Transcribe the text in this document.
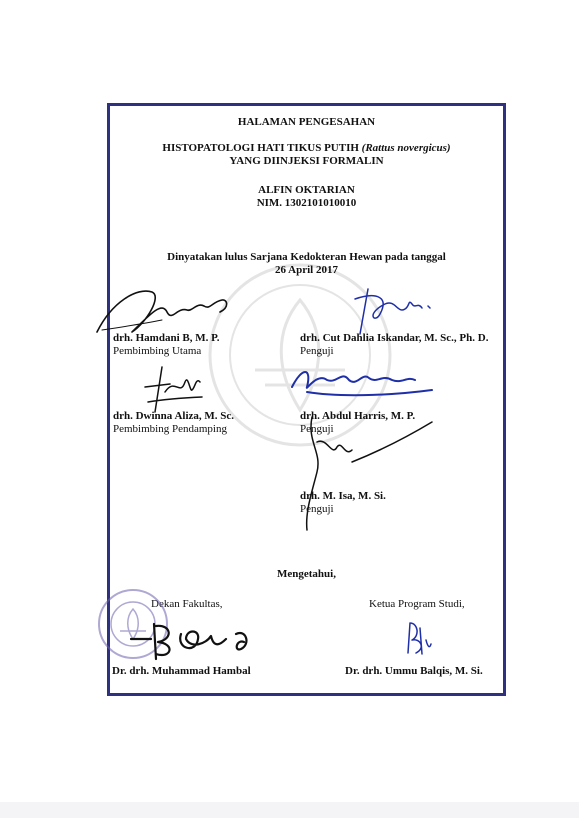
HALAMAN PENGESAHAN
HISTOPATOLOGI HATI TIKUS PUTIH (Rattus novergicus)
YANG DIINJEKSI FORMALIN
ALFIN OKTARIAN
NIM. 1302101010010
Dinyatakan lulus Sarjana Kedokteran Hewan pada tanggal
26 April 2017
drh. Hamdani B, M. P.
Pembimbing Utama
drh. Cut Dahlia Iskandar, M. Sc., Ph. D.
Penguji
drh. Dwinna Aliza, M. Sc.
Pembimbing Pendamping
drh. Abdul Harris, M. P.
Penguji
drh. M. Isa, M. Si.
Penguji
Mengetahui,
Dekan Fakultas,	Ketua Program Studi,
Dr. drh. Muhammad Hambal	Dr. drh. Ummu Balqis, M. Si.
